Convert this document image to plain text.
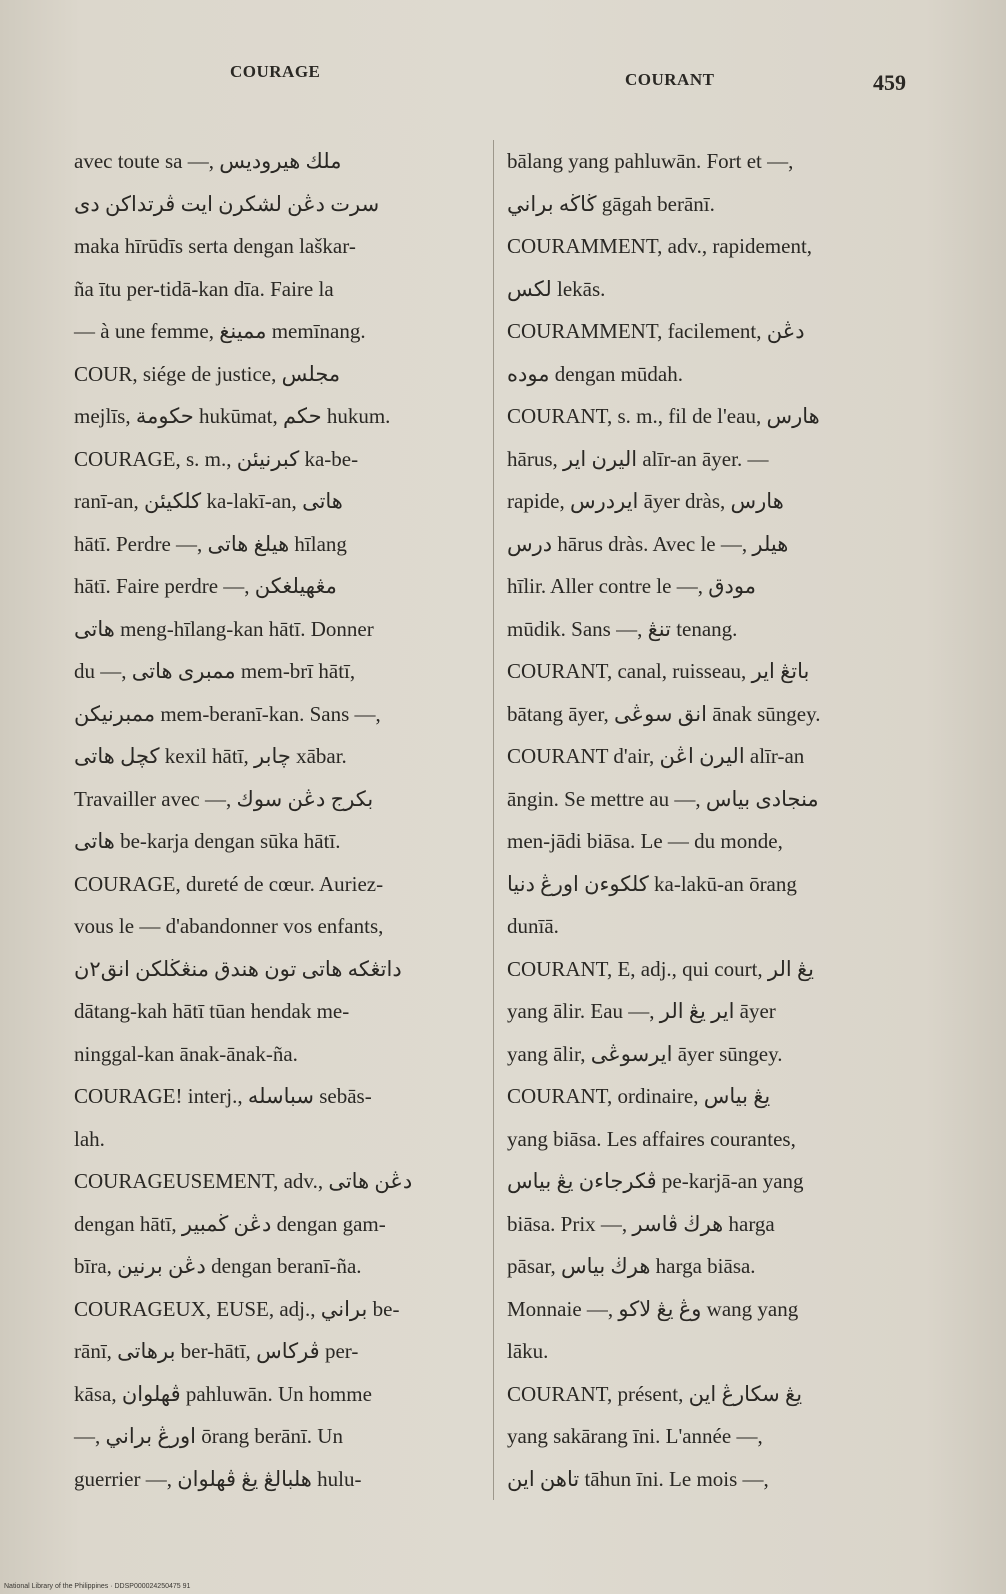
COURAGE	COURANT	459

avec toute sa —, ملك هيروديس

سرت دڠن لشكرن ايت ڤرتداكن دى

maka hīrūdīs serta dengan laškar-

ña ītu per-tidā-kan dīa. Faire la

— à une femme, ممينغ memīnang.

COUR, siége de justice, مجلس

mejlīs, حكومة hukūmat, حكم hukum.

COURAGE, s. m., كبرنيئن ka-be-

ranī-an, كلكيئن ka-lakī-an, هاتى

hātī. Perdre —, هيلغ هاتى hīlang

hātī. Faire perdre —, مڠهيلغكن

هاتى meng-hīlang-kan hātī. Donner

du —, ممبرى هاتى mem-brī hātī,

ممبرنيكن mem-beranī-kan. Sans —,

كچل هاتى kexil hātī, چابر xābar.

Travailler avec —, بكرج دڠن سوك

هاتى be-karja dengan sūka hātī.

COURAGE, dureté de cœur. Auriez-

vous le — d'abandonner vos enfants,

داتڠكه هاتى تون هندق منڠڬلكن انق٢ن

dātang-kah hātī tūan hendak me-

ninggal-kan ānak-ānak-ña.

COURAGE! interj., سباسله sebās-

lah.

COURAGEUSEMENT, adv., دڠن هاتى

dengan hātī, دڠن ڬمبير dengan gam-

bīra, دڠن برنين dengan beranī-ña.

COURAGEUX, EUSE, adj., براني be-

rānī, برهاتى ber-hātī, ڤركاس per-

kāsa, ڤهلوان pahluwān. Un homme

—, اورڠ براني ōrang berānī. Un

guerrier —, هلبالڠ يڠ ڤهلوان hulu-

bālang yang pahluwān. Fort et —,

ڬاڬه براني gāgah berānī.

COURAMMENT, adv., rapidement,

لكس lekās.

COURAMMENT, facilement, دڠن

موده dengan mūdah.

COURANT, s. m., fil de l'eau, هارس

hārus, اليرن اير alīr-an āyer. —

rapide, ايردرس āyer dràs, هارس

درس hārus dràs. Avec le —, هيلر

hīlir. Aller contre le —, مودق

mūdik. Sans —, تنڠ tenang.

COURANT, canal, ruisseau, باتڠ اير

bātang āyer, انق سوڠى ānak sūngey.

COURANT d'air, اليرن اڠن alīr-an

āngin. Se mettre au —, منجادى بياس

men-jādi biāsa. Le — du monde,

كلكوءن اورڠ دنيا ka-lakū-an ōrang

dunīā.

COURANT, E, adj., qui court, يڠ الر

yang ālir. Eau —, اير يڠ الر āyer

yang ālir, ايرسوڠى āyer sūngey.

COURANT, ordinaire, يڠ بياس

yang biāsa. Les affaires courantes,

ڤكرجاءن يڠ بياس pe-karjā-an yang

biāsa. Prix —, هرڬ ڤاسر harga

pāsar, هرڬ بياس harga biāsa.

Monnaie —, وڠ يڠ لاكو wang yang

lāku.

COURANT, présent, يڠ سكارڠ اين

yang sakārang īni. L'année —,

تاهن اين tāhun īni. Le mois —,

National Library of the Philippines · DDSP000024250475 91
